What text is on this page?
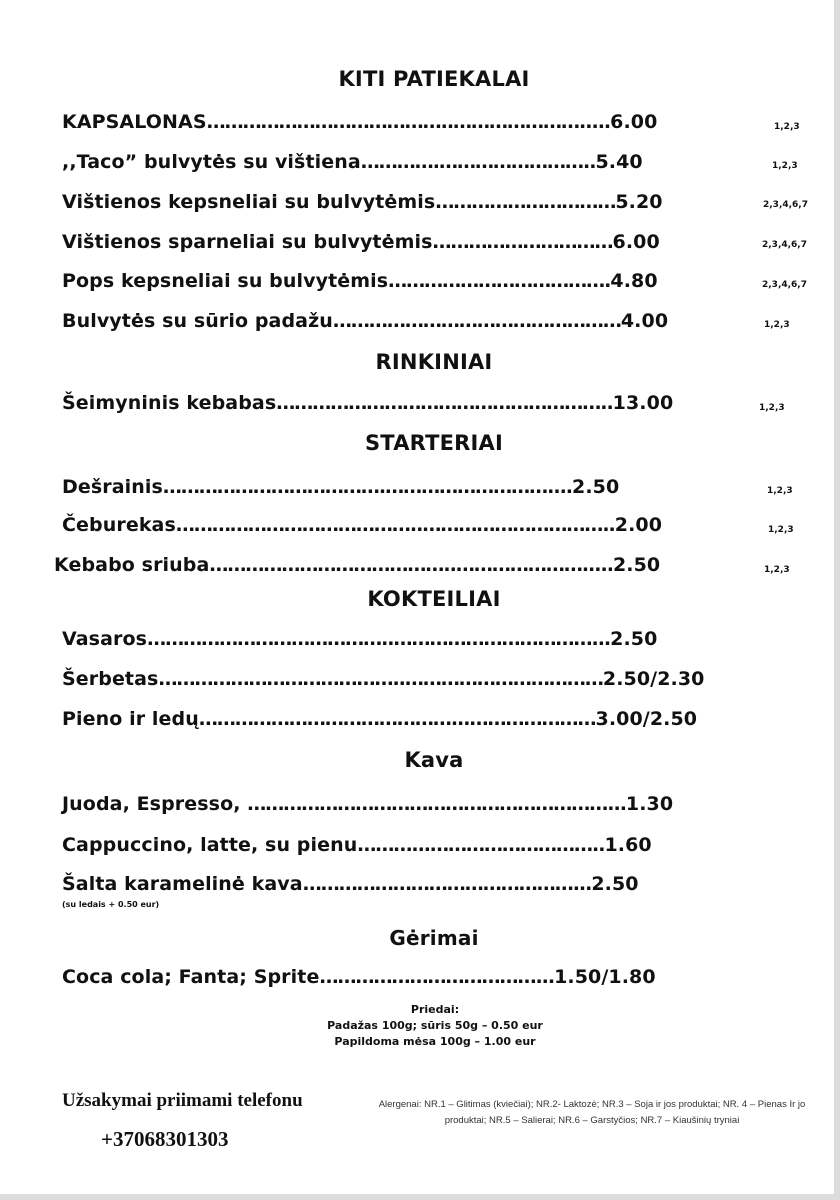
KITI PATIEKALAI
KAPSALONAS…………………………………..………………….....6.00	1,2,3
,,Taco” bulvytės su vištiena………….……………………..5.40	1,2,3
Vištienos kepsneliai su bulvytėmis…………………………5.20	2,3,4,6,7
Vištienos sparneliai su bulvytėmis…………………………6.00	2,3,4,6,7
Pops kepsneliai su bulvytėmis……………………………….4.80	2,3,4,6,7
Bulvytės su sūrio padažu…………………………………………4.00	1,2,3
RINKINIAI
Šeimyninis kebabas………………………………………………..13.00	1,2,3
STARTERIAI
Dešrainis……………………………….………………………....2.50	1,2,3
Čeburekas…………………………………..…………………………..2.00	1,2,3
Kebabo sriuba…………………………………..………………….....2.50	1,2,3
KOKTEILIAI
Vasaros…………………………………..……………………………...2.50
Šerbetas…………………………………..……………………………2.50/2.30
Pieno ir ledų……………………………………...…………………3.00/2.50
Kava
Juoda, Espresso, ……………………………………………………...1.30
Cappuccino, latte, su pienu………...………………………..1.60
Šalta karamelinė kava………………………………………...2.50
(su ledais + 0.50 eur)
Gėrimai
Coca cola; Fanta; Sprite………………………………...1.50/1.80
Priedai:
Padažas 100g; sūris 50g – 0.50 eur
Papildoma mėsa 100g – 1.00 eur
Užsakymai priimami telefonu
+37068301303
Alergenai: NR.1 – Glitimas (kviečiai); NR.2- Laktozė; NR.3 – Soja ir jos produktai; NR. 4 – Pienas Ir jo produktai; NR.5 – Salierai; NR.6 – Garstyčios; NR.7 – Kiaušinių tryniai
